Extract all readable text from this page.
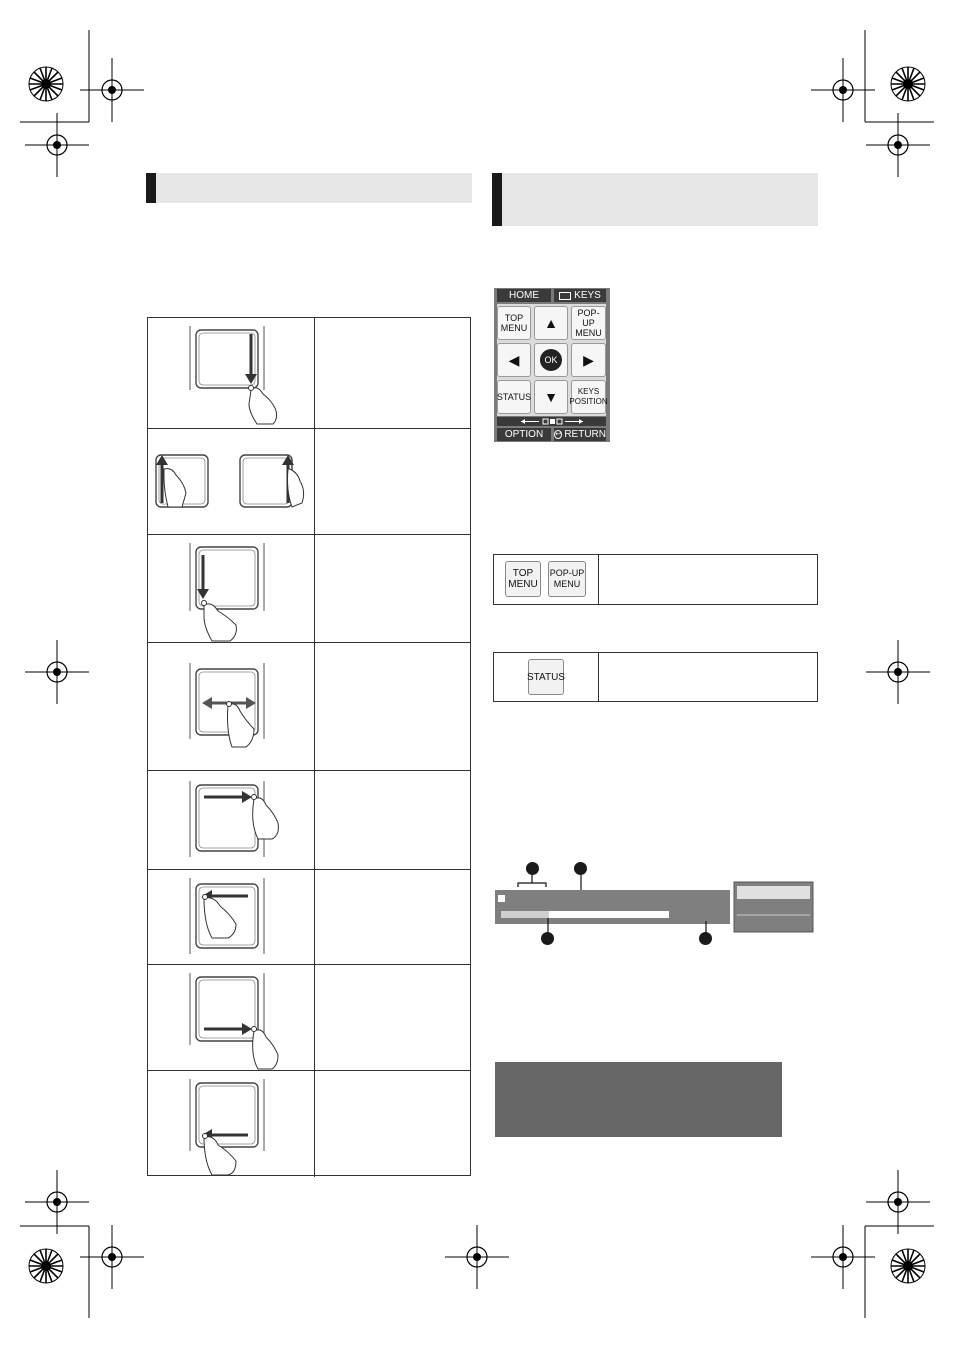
HOME	KEYS
TOP MENU ▲
POP-UP MENU
◀	OK	▶
STATUS ▼	KEYS POSITION
OPTION ↩ RETURN
TOP MENU
POP-UP MENU
STATUS
